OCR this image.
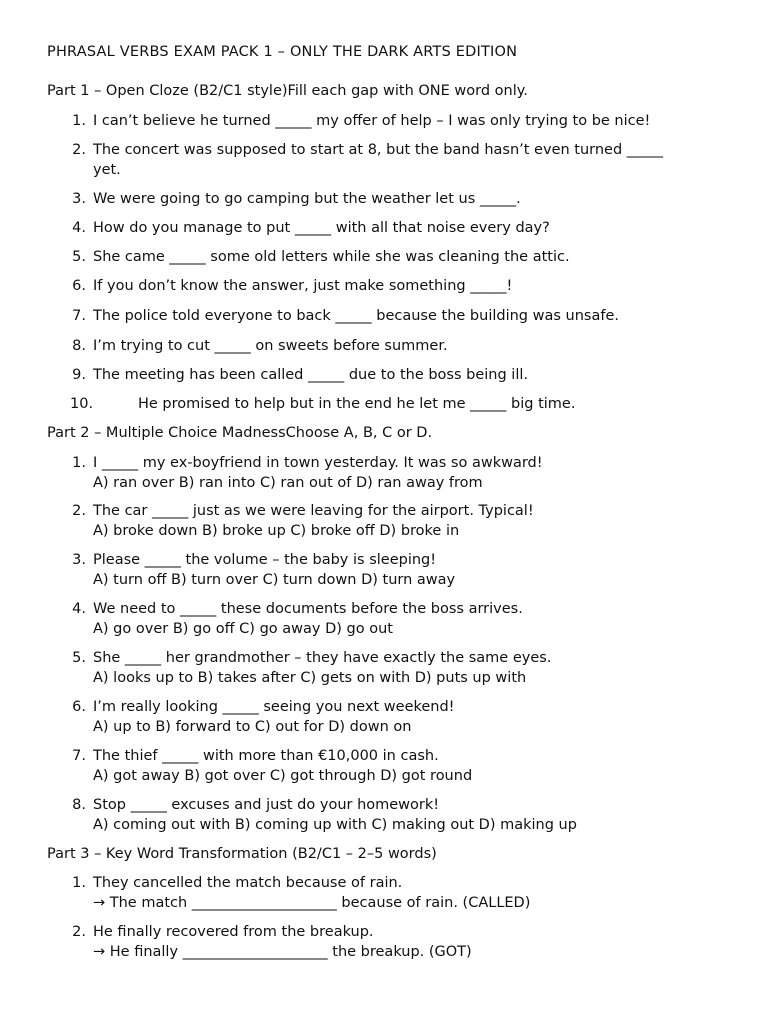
PHRASAL VERBS EXAM PACK 1 – ONLY THE DARK ARTS EDITION
Part 1 – Open Cloze (B2/C1 style)Fill each gap with ONE word only.
1. I can’t believe he turned _____ my offer of help – I was only trying to be nice!
2. The concert was supposed to start at 8, but the band hasn’t even turned _____
yet.
3. We were going to go camping but the weather let us _____.
4. How do you manage to put _____ with all that noise every day?
5. She came _____ some old letters while she was cleaning the attic.
6. If you don’t know the answer, just make something _____!
7. The police told everyone to back _____ because the building was unsafe.
8. I’m trying to cut _____ on sweets before summer.
9. The meeting has been called _____ due to the boss being ill.
10.	He promised to help but in the end he let me _____ big time.
Part 2 – Multiple Choice MadnessChoose A, B, C or D.
1. I _____ my ex-boyfriend in town yesterday. It was so awkward!
A) ran over B) ran into C) ran out of D) ran away from
2. The car _____ just as we were leaving for the airport. Typical!
A) broke down B) broke up C) broke off D) broke in
3. Please _____ the volume – the baby is sleeping!
A) turn off B) turn over C) turn down D) turn away
4. We need to _____ these documents before the boss arrives.
A) go over B) go off C) go away D) go out
5. She _____ her grandmother – they have exactly the same eyes.
A) looks up to B) takes after C) gets on with D) puts up with
6. I’m really looking _____ seeing you next weekend!
A) up to B) forward to C) out for D) down on
7. The thief _____ with more than €10,000 in cash.
A) got away B) got over C) got through D) got round
8. Stop _____ excuses and just do your homework!
A) coming out with B) coming up with C) making out D) making up
Part 3 – Key Word Transformation (B2/C1 – 2–5 words)
1. They cancelled the match because of rain.
→ The match ____________________ because of rain. (CALLED)
2. He finally recovered from the breakup.
→ He finally ____________________ the breakup. (GOT)
